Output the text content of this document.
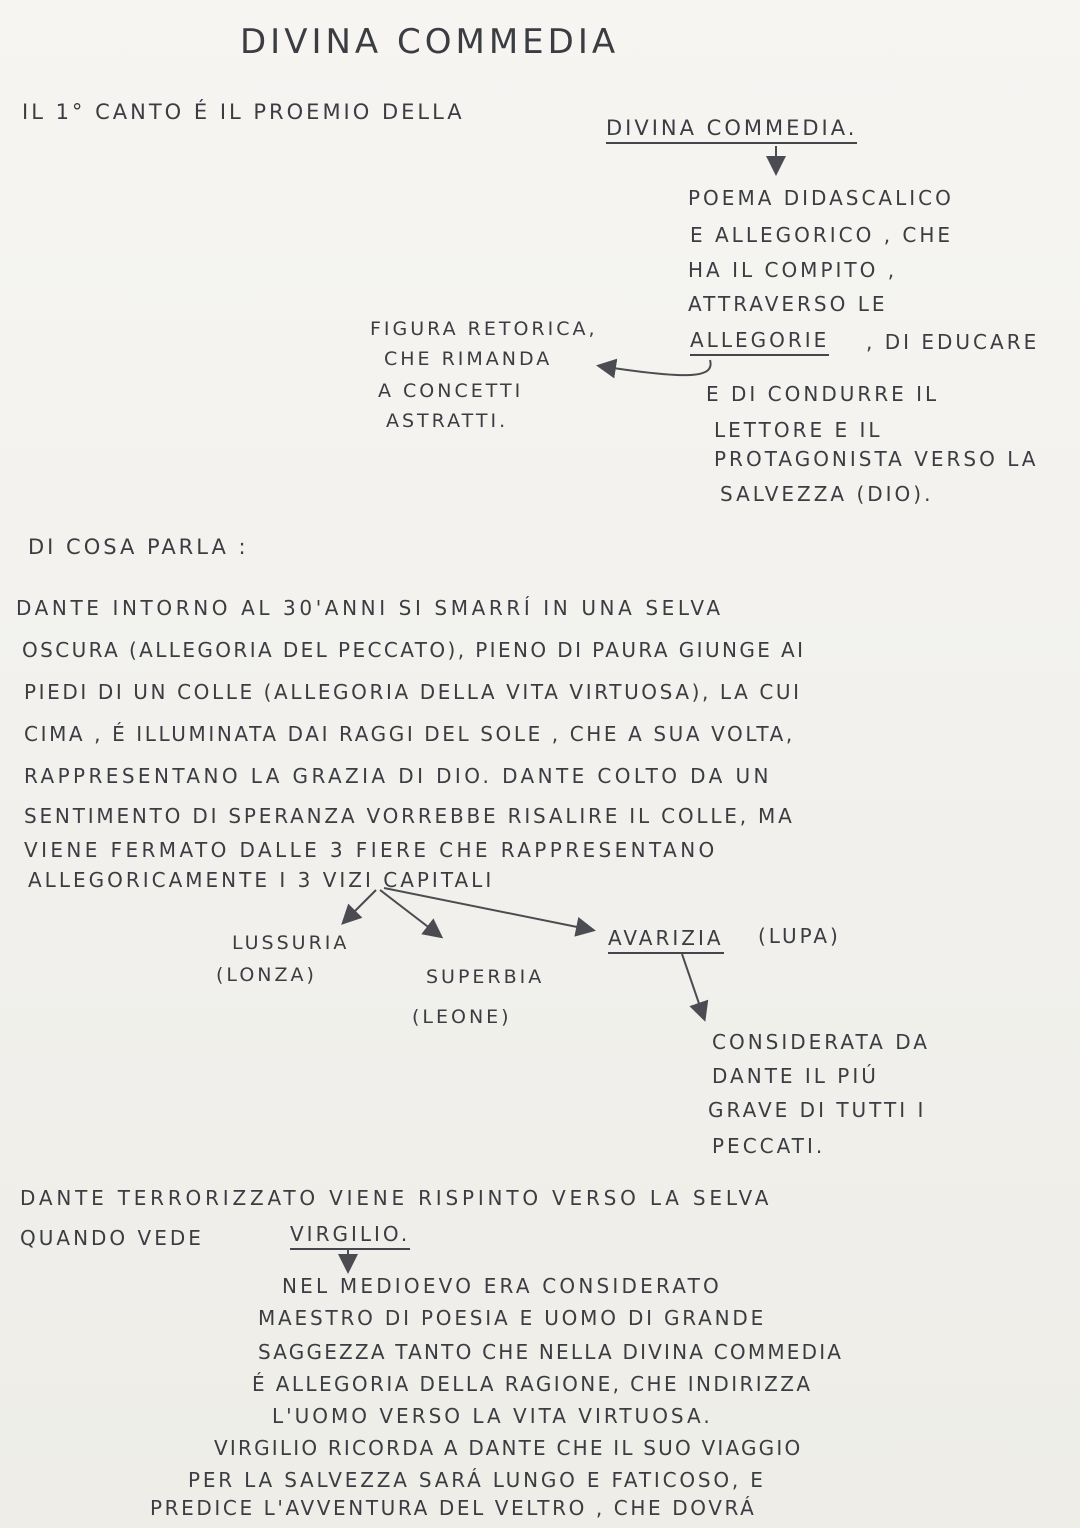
DIVINA COMMEDIA
IL 1° CANTO É IL PROEMIO DELLA
DIVINA COMMEDIA.
POEMA DIDASCALICO
E ALLEGORICO , CHE
HA IL COMPITO ,
ATTRAVERSO LE
ALLEGORIE , DI EDUCARE
E DI CONDURRE IL
LETTORE E IL
PROTAGONISTA VERSO LA
SALVEZZA (DIO).
FIGURA RETORICA,
CHE RIMANDA
A CONCETTI
ASTRATTI.
DI COSA PARLA :
DANTE INTORNO AL 30'ANNI SI SMARRÍ IN UNA SELVA
OSCURA (ALLEGORIA DEL PECCATO), PIENO DI PAURA GIUNGE AI
PIEDI DI UN COLLE (ALLEGORIA DELLA VITA VIRTUOSA), LA CUI
CIMA , É ILLUMINATA DAI RAGGI DEL SOLE , CHE A SUA VOLTA,
RAPPRESENTANO LA GRAZIA DI DIO. DANTE COLTO DA UN
SENTIMENTO DI SPERANZA VORREBBE RISALIRE IL COLLE, MA
VIENE FERMATO DALLE 3 FIERE CHE RAPPRESENTANO
ALLEGORICAMENTE I 3 VIZI CAPITALI
LUSSURIA
(LONZA)	SUPERBIA
(LEONE)
AVARIZIA (LUPA)
CONSIDERATA DA
DANTE IL PIÚ
GRAVE DI TUTTI I
PECCATI.
DANTE TERRORIZZATO VIENE RISPINTO VERSO LA SELVA
QUANDO VEDE	VIRGILIO.
NEL MEDIOEVO ERA CONSIDERATO
MAESTRO DI POESIA E UOMO DI GRANDE
SAGGEZZA TANTO CHE NELLA DIVINA COMMEDIA
É ALLEGORIA DELLA RAGIONE, CHE INDIRIZZA
L'UOMO VERSO LA VITA VIRTUOSA.
VIRGILIO RICORDA A DANTE CHE IL SUO VIAGGIO
PER LA SALVEZZA SARÁ LUNGO E FATICOSO, E
PREDICE L'AVVENTURA DEL VELTRO , CHE DOVRÁ
